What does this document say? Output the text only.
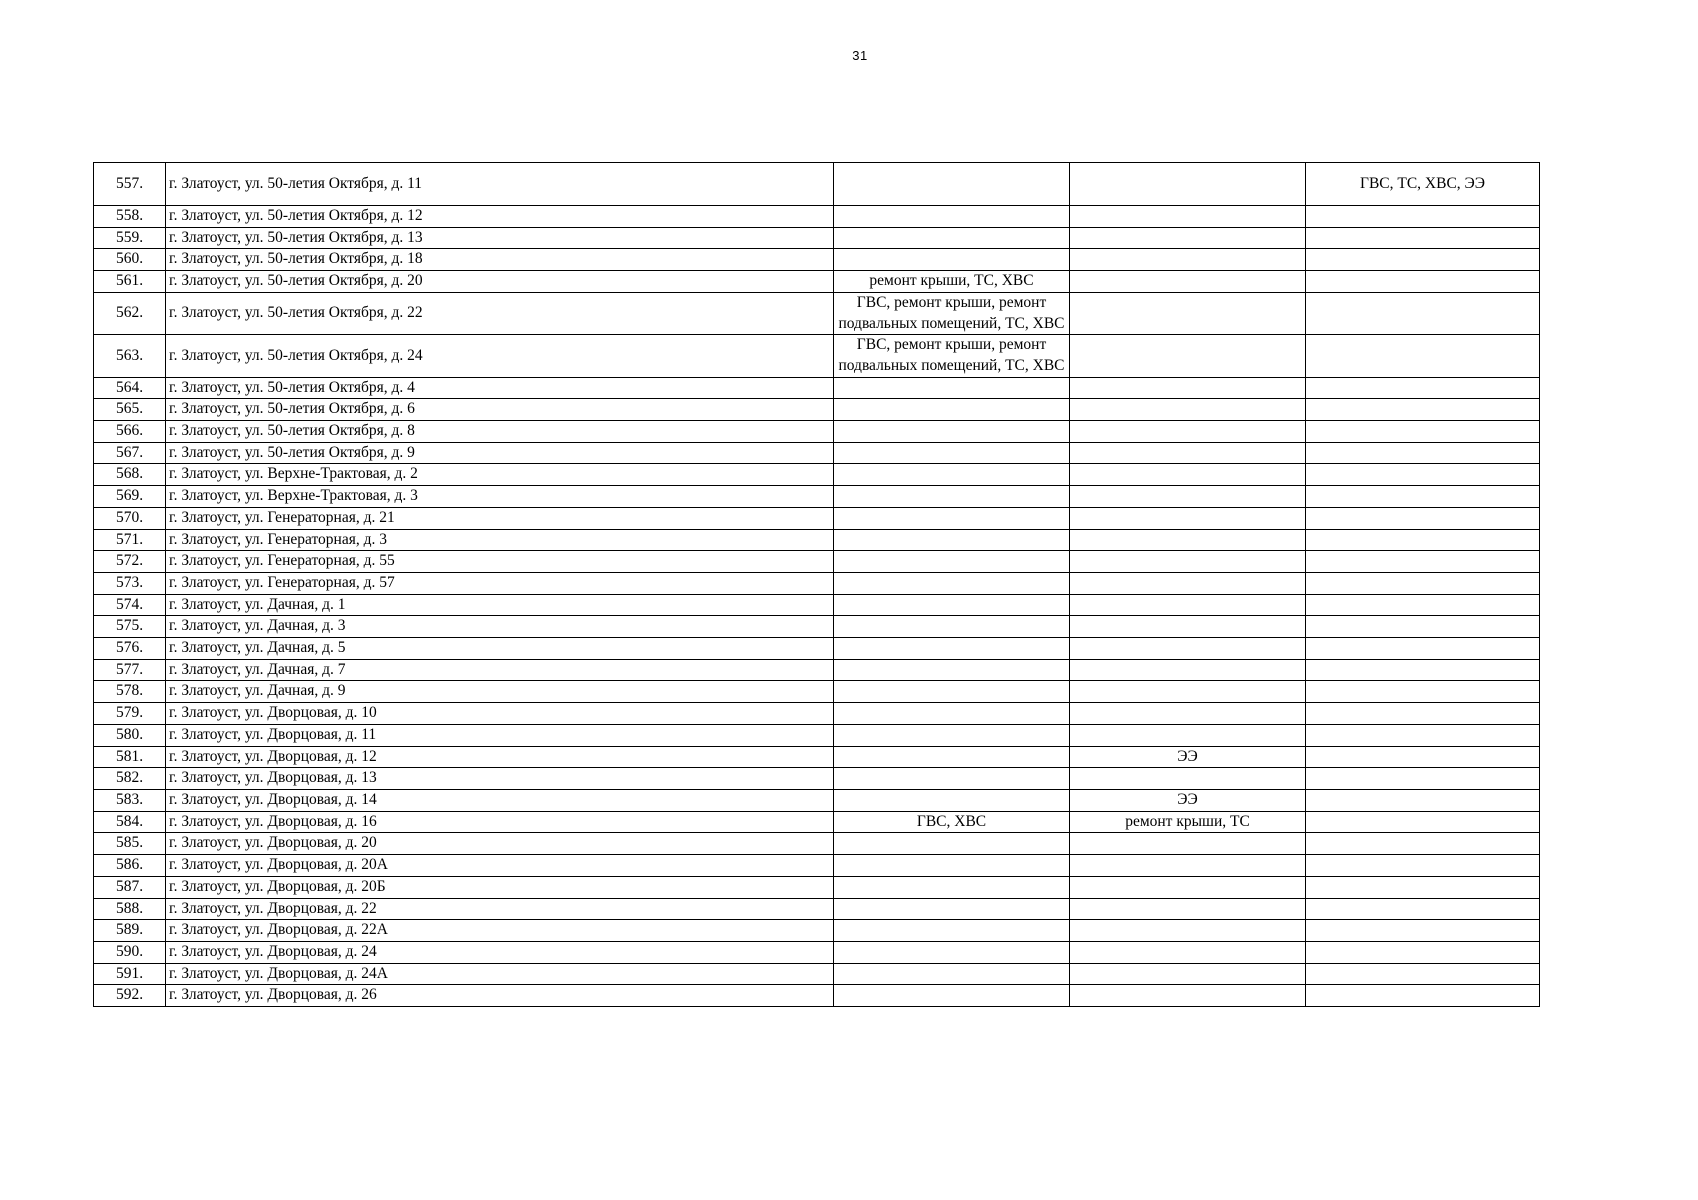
31
557.	г. Златоуст, ул. 50-летия Октября, д. 11			ГВС, ТС, ХВС, ЭЭ
558.	г. Златоуст, ул. 50-летия Октября, д. 12			
559.	г. Златоуст, ул. 50-летия Октября, д. 13			
560.	г. Златоуст, ул. 50-летия Октября, д. 18			
561.	г. Златоуст, ул. 50-летия Октября, д. 20	ремонт крыши, ТС, ХВС		
562.	г. Златоуст, ул. 50-летия Октября, д. 22	ГВС, ремонт крыши, ремонт подвальных помещений, ТС, ХВС		
563.	г. Златоуст, ул. 50-летия Октября, д. 24	ГВС, ремонт крыши, ремонт подвальных помещений, ТС, ХВС		
564.	г. Златоуст, ул. 50-летия Октября, д. 4			
565.	г. Златоуст, ул. 50-летия Октября, д. 6			
566.	г. Златоуст, ул. 50-летия Октября, д. 8			
567.	г. Златоуст, ул. 50-летия Октября, д. 9			
568.	г. Златоуст, ул. Верхне-Трактовая, д. 2			
569.	г. Златоуст, ул. Верхне-Трактовая, д. 3			
570.	г. Златоуст, ул. Генераторная, д. 21			
571.	г. Златоуст, ул. Генераторная, д. 3			
572.	г. Златоуст, ул. Генераторная, д. 55			
573.	г. Златоуст, ул. Генераторная, д. 57			
574.	г. Златоуст, ул. Дачная, д. 1			
575.	г. Златоуст, ул. Дачная, д. 3			
576.	г. Златоуст, ул. Дачная, д. 5			
577.	г. Златоуст, ул. Дачная, д. 7			
578.	г. Златоуст, ул. Дачная, д. 9			
579.	г. Златоуст, ул. Дворцовая, д. 10			
580.	г. Златоуст, ул. Дворцовая, д. 11			
581.	г. Златоуст, ул. Дворцовая, д. 12		ЭЭ	
582.	г. Златоуст, ул. Дворцовая, д. 13			
583.	г. Златоуст, ул. Дворцовая, д. 14		ЭЭ	
584.	г. Златоуст, ул. Дворцовая, д. 16	ГВС, ХВС	ремонт крыши, ТС	
585.	г. Златоуст, ул. Дворцовая, д. 20			
586.	г. Златоуст, ул. Дворцовая, д. 20А			
587.	г. Златоуст, ул. Дворцовая, д. 20Б			
588.	г. Златоуст, ул. Дворцовая, д. 22			
589.	г. Златоуст, ул. Дворцовая, д. 22А			
590.	г. Златоуст, ул. Дворцовая, д. 24			
591.	г. Златоуст, ул. Дворцовая, д. 24А			
592.	г. Златоуст, ул. Дворцовая, д. 26			
